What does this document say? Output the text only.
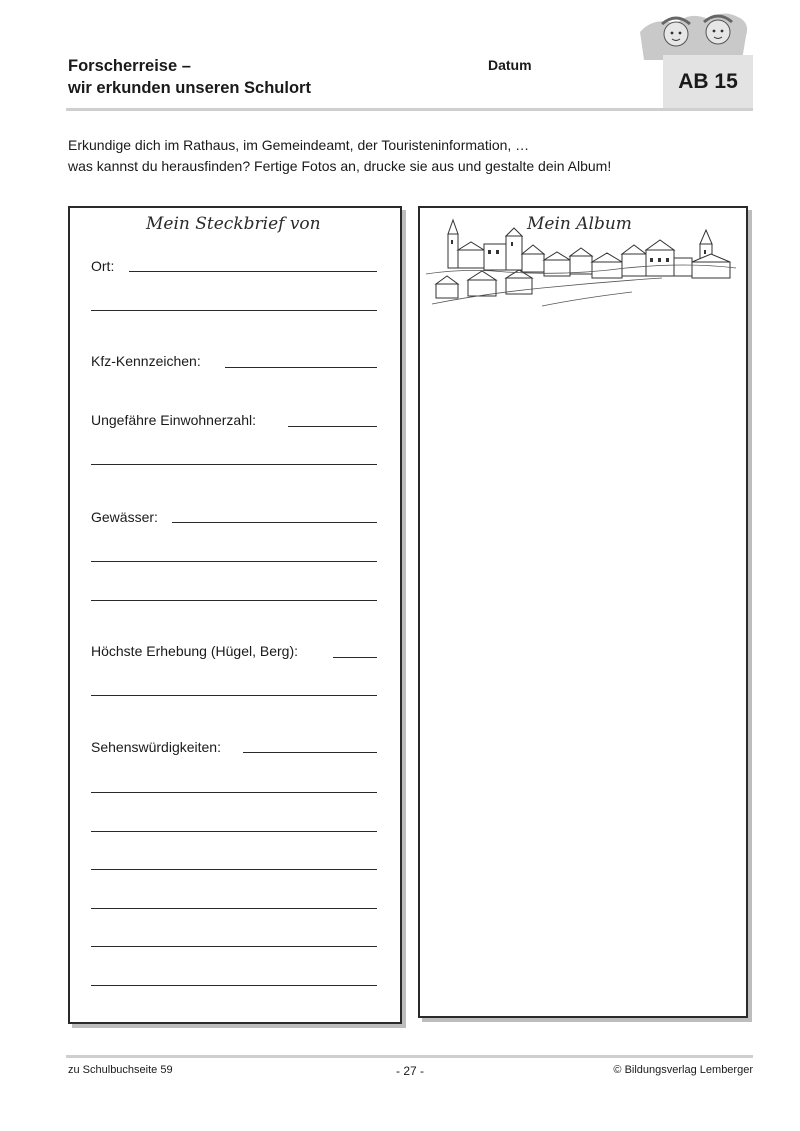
Forscherreise –
wir erkunden unseren Schulort
Datum
AB 15
Erkundige dich im Rathaus, im Gemeindeamt, der Touristeninformation, …
was kannst du herausfinden? Fertige Fotos an, drucke sie aus und gestalte dein Album!
Mein Steckbrief von
Ort:
Kfz-Kennzeichen:
Ungefähre Einwohnerzahl:
Gewässer:
Höchste Erhebung (Hügel, Berg):
Sehenswürdigkeiten:
Mein Album
zu Schulbuchseite 59	- 27 -	© Bildungsverlag Lemberger
